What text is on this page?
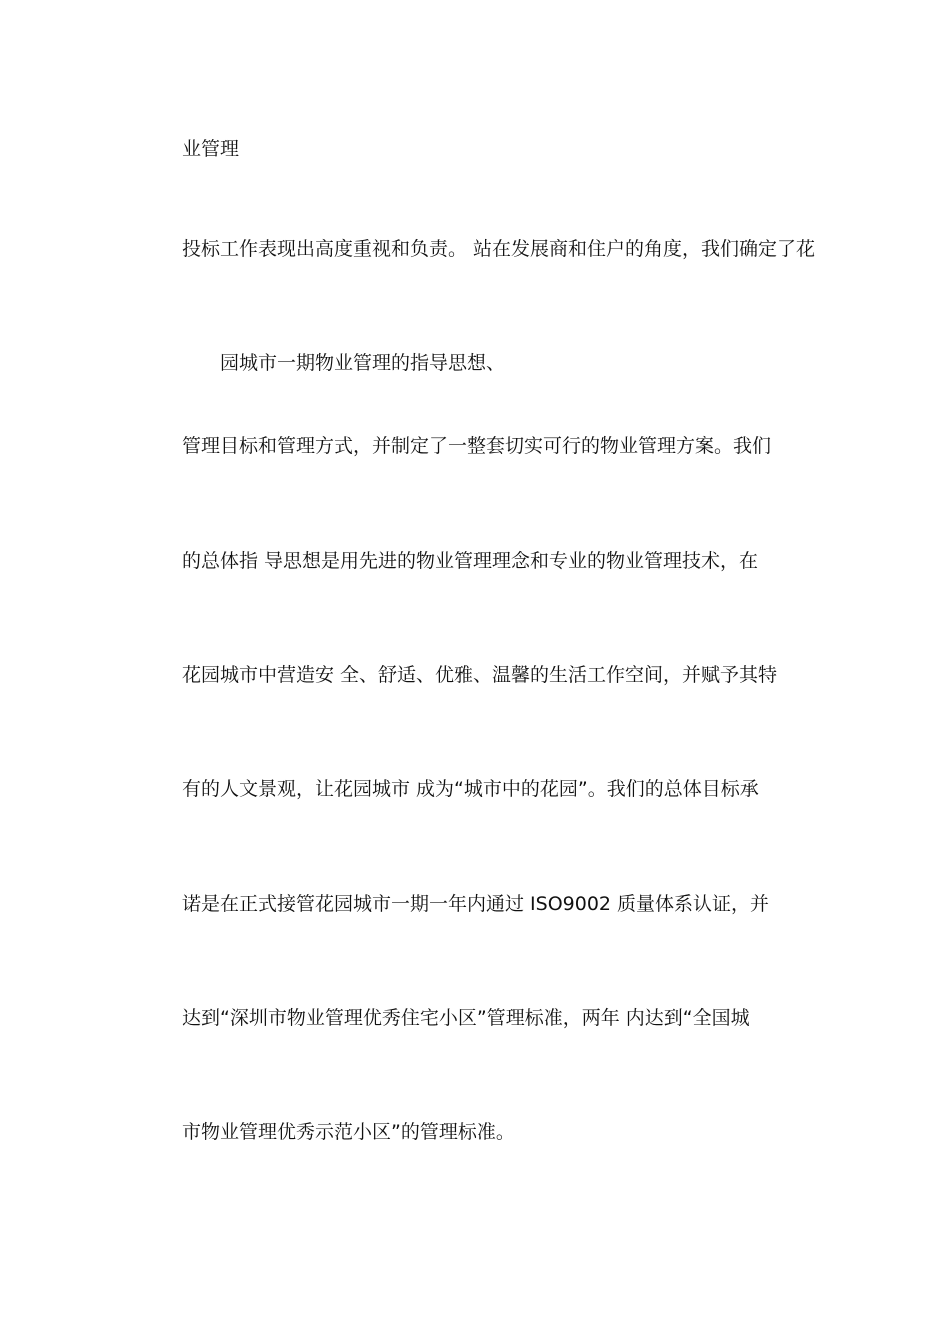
业管理
投标工作表现出高度重视和负责。 站在发展商和住户的角度，我们确定了花
园城市一期物业管理的指导思想、
管理目标和管理方式，并制定了一整套切实可行的物业管理方案。我们
的总体指 导思想是用先进的物业管理理念和专业的物业管理技术，在
花园城市中营造安 全、舒适、优雅、温馨的生活工作空间，并赋予其特
有的人文景观，让花园城市 成为“城市中的花园”。我们的总体目标承
诺是在正式接管花园城市一期一年内通过 ISO9002 质量体系认证，并
达到“深圳市物业管理优秀住宅小区”管理标准，两年 内达到“全国城
市物业管理优秀示范小区”的管理标准。
